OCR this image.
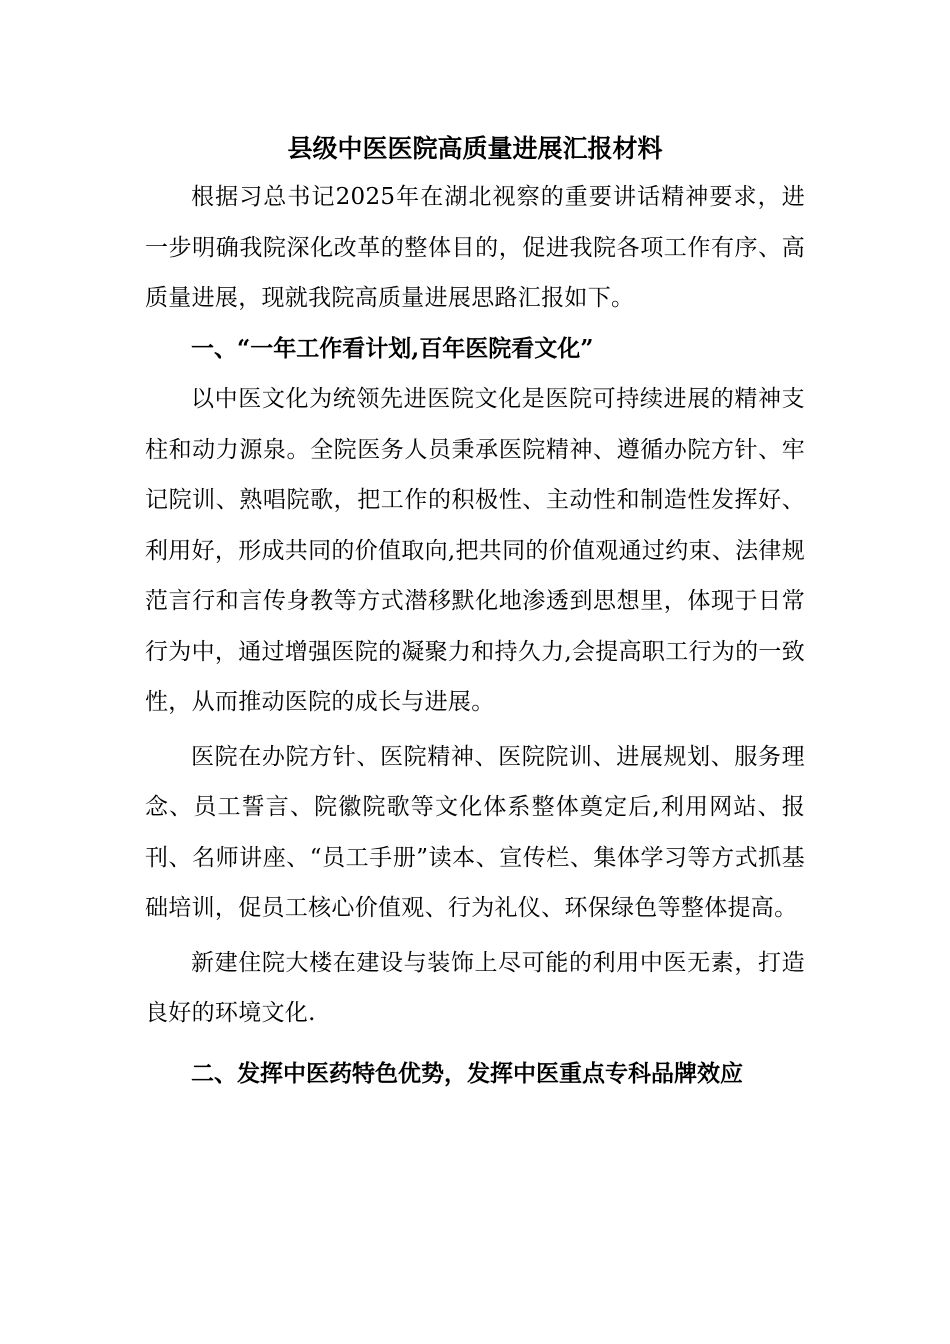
县级中医医院高质量进展汇报材料

根据习总书记2025年在湖北视察的重要讲话精神要求，进一步明确我院深化改革的整体目的，促进我院各项工作有序、高质量进展，现就我院高质量进展思路汇报如下。

一、“一年工作看计划,百年医院看文化”

以中医文化为统领先进医院文化是医院可持续进展的精神支柱和动力源泉。全院医务人员秉承医院精神、遵循办院方针、牢记院训、熟唱院歌，把工作的积极性、主动性和制造性发挥好、利用好，形成共同的价值取向,把共同的价值观通过约束、法律规范言行和言传身教等方式潜移默化地渗透到思想里，体现于日常行为中，通过增强医院的凝聚力和持久力,会提高职工行为的一致性，从而推动医院的成长与进展。

医院在办院方针、医院精神、医院院训、进展规划、服务理念、员工誓言、院徽院歌等文化体系整体奠定后,利用网站、报刊、名师讲座、“员工手册”读本、宣传栏、集体学习等方式抓基础培训，促员工核心价值观、行为礼仪、环保绿色等整体提高。

新建住院大楼在建设与装饰上尽可能的利用中医无素，打造良好的环境文化.

二、发挥中医药特色优势，发挥中医重点专科品牌效应
